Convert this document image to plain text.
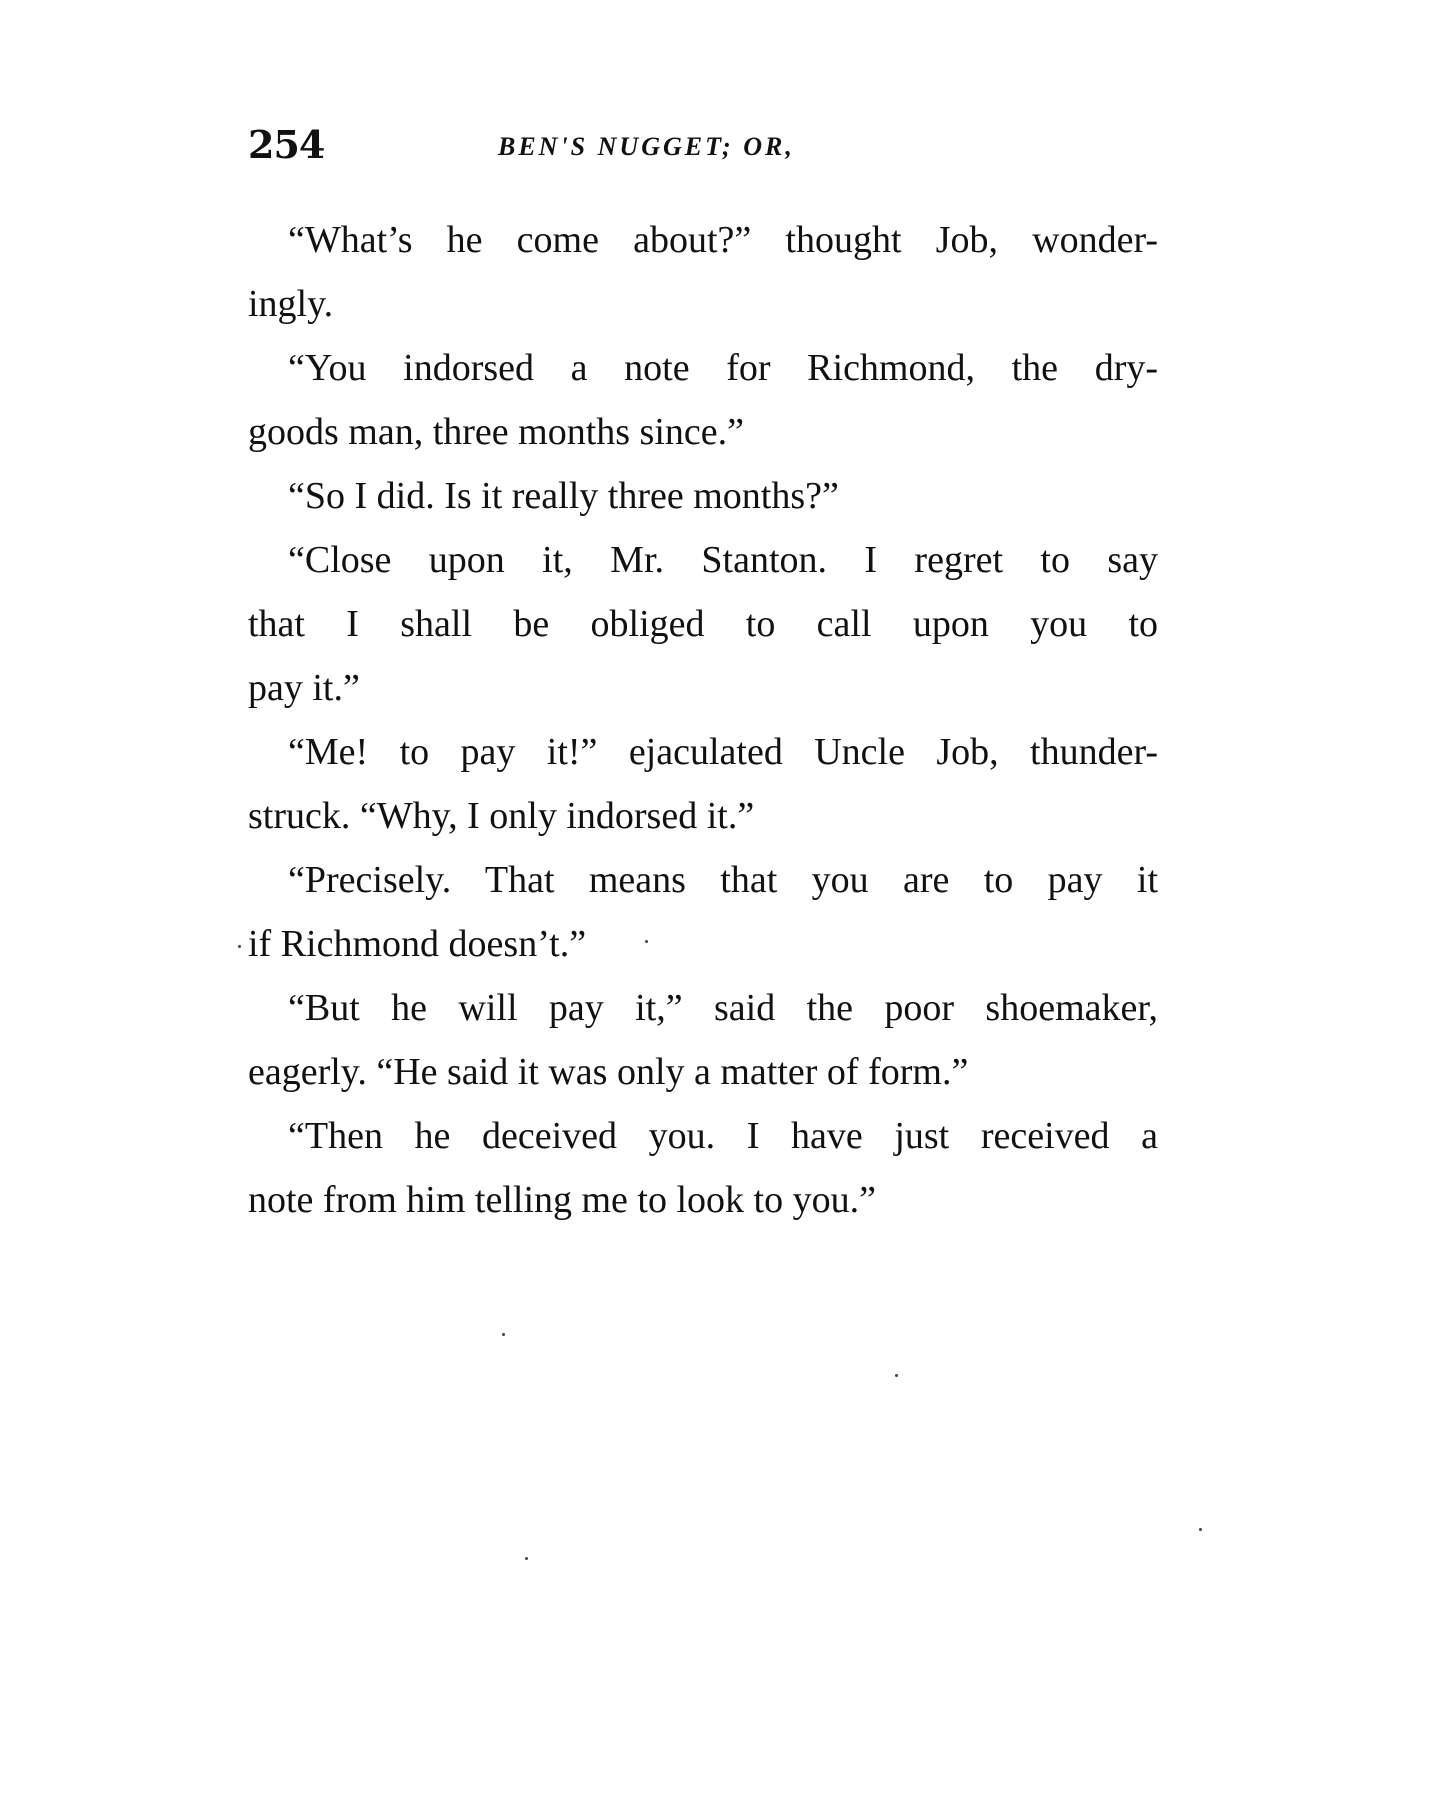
254	BEN'S NUGGET; OR,
“What’s he come about?” thought Job, wonder-
ingly.
“You indorsed a note for Richmond, the dry-
goods man, three months since.”
“So I did. Is it really three months?”
“Close upon it, Mr. Stanton. I regret to say
that I shall be obliged to call upon you to
pay it.”
“Me! to pay it!” ejaculated Uncle Job, thunder-
struck. “Why, I only indorsed it.”
“Precisely. That means that you are to pay it
if Richmond doesn’t.”
“But he will pay it,” said the poor shoemaker,
eagerly. “He said it was only a matter of form.”
“Then he deceived you. I have just received a
note from him telling me to look to you.”
